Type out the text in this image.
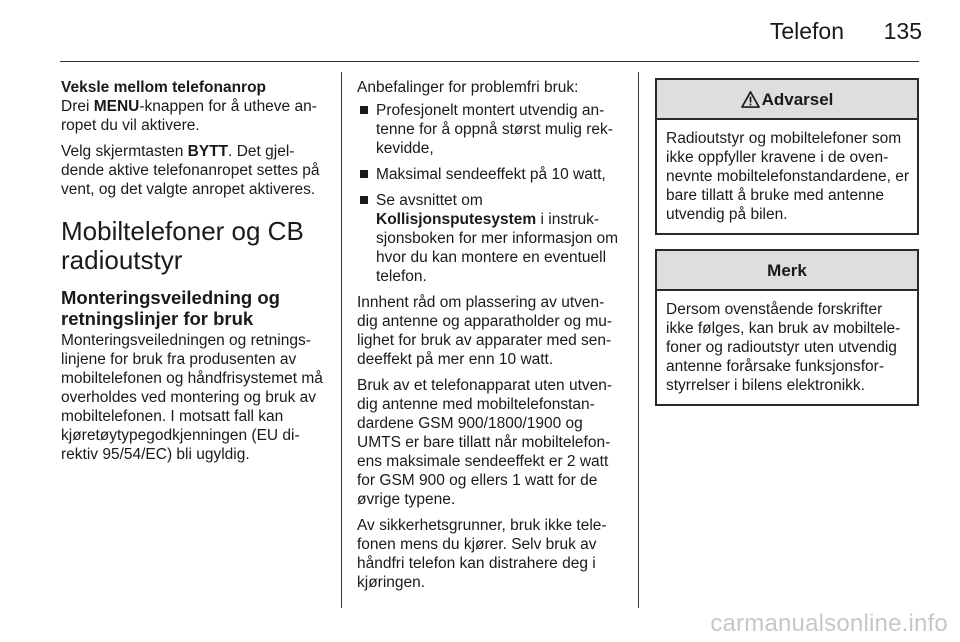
Telefon 135
Veksle mellom telefonanrop

Drei MENU-knappen for å utheve an-ropet du vil aktivere.

Velg skjermtasten BYTT. Det gjel-dende aktive telefonanropet settes på vent, og det valgte anropet aktiveres.

Mobiltelefoner og CB radioutstyr
Monteringsveiledning og retningslinjer for bruk

Monteringsveiledningen og retnings-linjene for bruk fra produsenten av mobiltelefonen og håndfrisystemet må overholdes ved montering og bruk av mobiltelefonen. I motsatt fall kan kjøretøytypegodkjenningen (EU di-rektiv 95/54/EC) bli ugyldig.

Anbefalinger for problemfri bruk:

Profesjonelt montert utvendig an-tenne for å oppnå størst mulig rek-kevidde,
Maksimal sendeeffekt på 10 watt,
Se avsnittet om
Kollisjonsputesystem i instruk-sjonsboken for mer informasjon om hvor du kan montere en eventuell telefon.

Innhent råd om plassering av utven-dig antenne og apparatholder og mu-lighet for bruk av apparater med sen-deeffekt på mer enn 10 watt.

Bruk av et telefonapparat uten utven-dig antenne med mobiltelefonstan-dardene GSM 900/1800/1900 og UMTS er bare tillatt når mobiltelefon-ens maksimale sendeeffekt er 2 watt for GSM 900 og ellers 1 watt for de øvrige typene.

Av sikkerhetsgrunner, bruk ikke tele-fonen mens du kjører. Selv bruk av håndfri telefon kan distrahere deg i kjøringen.

Advarsel
Radioutstyr og mobiltelefoner som ikke oppfyller kravene i de oven-nevnte mobiltelefonstandardene, er bare tillatt å bruke med antenne utvendig på bilen.
Merk
Dersom ovenstående forskrifter ikke følges, kan bruk av mobiltele-foner og radioutstyr uten utvendig antenne forårsake funksjonsfor-styrrelser i bilens elektronikk.
carmanualsonline.info
